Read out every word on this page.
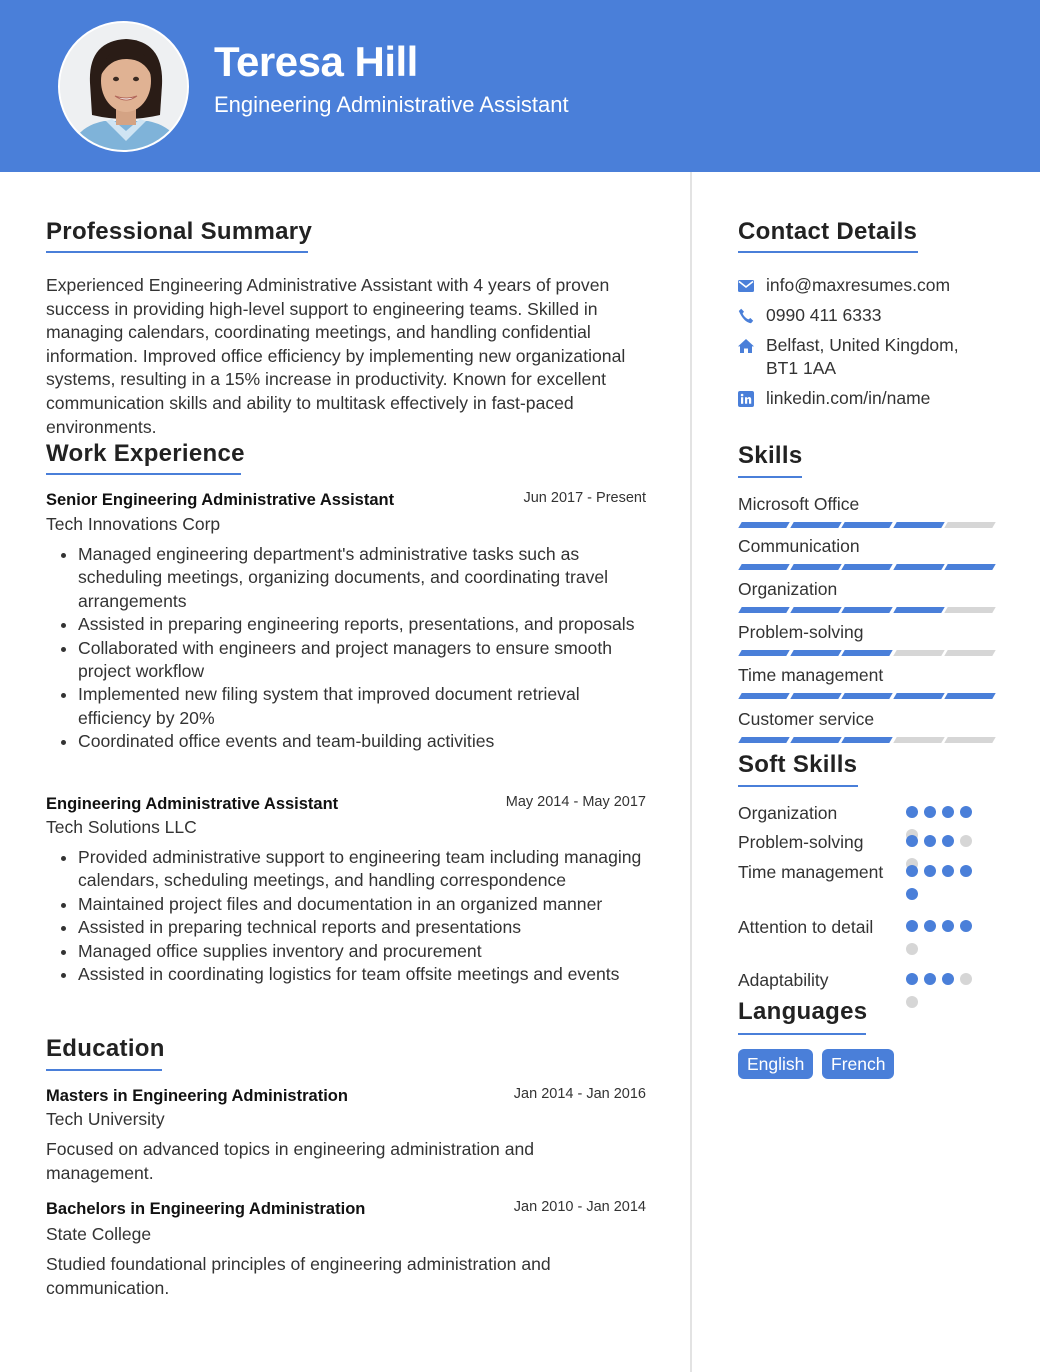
Teresa Hill
Engineering Administrative Assistant
Professional Summary
Experienced Engineering Administrative Assistant with 4 years of proven success in providing high-level support to engineering teams. Skilled in managing calendars, coordinating meetings, and handling confidential information. Improved office efficiency by implementing new organizational systems, resulting in a 15% increase in productivity. Known for excellent communication skills and ability to multitask effectively in fast-paced environments.
Work Experience
Senior Engineering Administrative Assistant	Jun 2017 - Present
Tech Innovations Corp
• Managed engineering department's administrative tasks such as scheduling meetings, organizing documents, and coordinating travel arrangements
• Assisted in preparing engineering reports, presentations, and proposals
• Collaborated with engineers and project managers to ensure smooth project workflow
• Implemented new filing system that improved document retrieval efficiency by 20%
• Coordinated office events and team-building activities
Engineering Administrative Assistant	May 2014 - May 2017
Tech Solutions LLC
• Provided administrative support to engineering team including managing calendars, scheduling meetings, and handling correspondence
• Maintained project files and documentation in an organized manner
• Assisted in preparing technical reports and presentations
• Managed office supplies inventory and procurement
• Assisted in coordinating logistics for team offsite meetings and events
Education
Masters in Engineering Administration	Jan 2014 - Jan 2016
Tech University
Focused on advanced topics in engineering administration and management.
Bachelors in Engineering Administration	Jan 2010 - Jan 2014
State College
Studied foundational principles of engineering administration and communication.
Contact Details
info@maxresumes.com
0990 411 6333
Belfast, United Kingdom, BT1 1AA
linkedin.com/in/name
Skills
Microsoft Office
Communication
Organization
Problem-solving
Time management
Customer service
Soft Skills
Organization
Problem-solving
Time management
Attention to detail
Adaptability
Languages
English	French
